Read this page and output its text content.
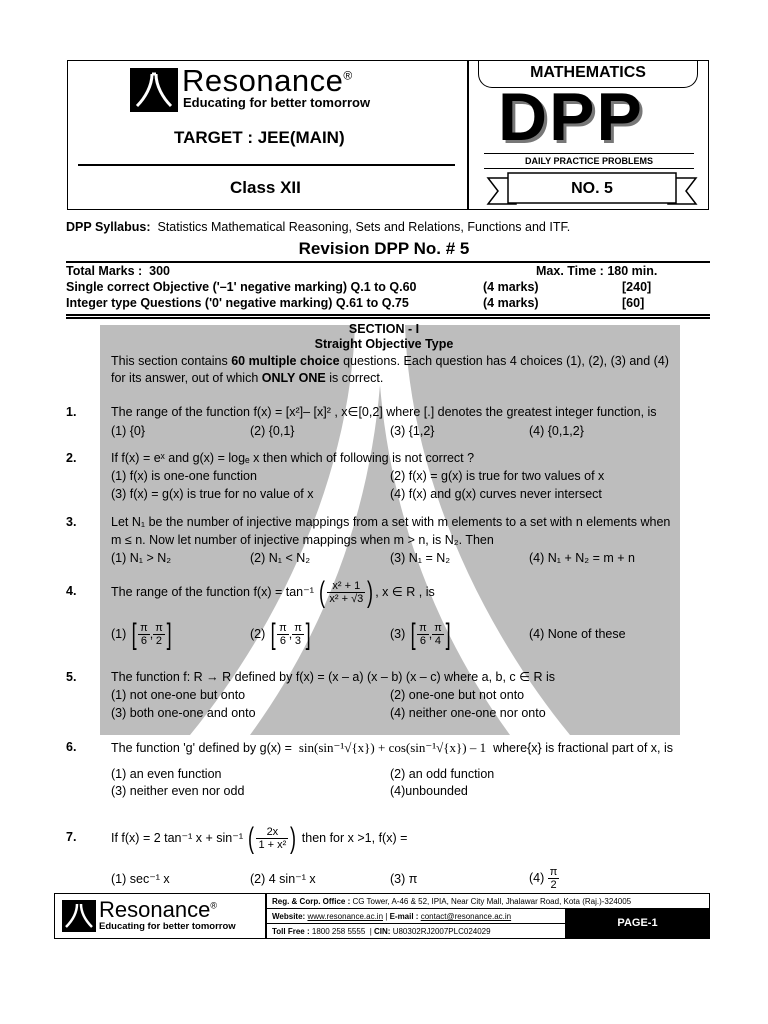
Resonance®
Educating for better tomorrow
TARGET : JEE(MAIN)
Class XII
MATHEMATICS
DPP
DAILY PRACTICE PROBLEMS
NO. 5
DPP Syllabus: Statistics Mathematical Reasoning, Sets and Relations, Functions and ITF.
Revision DPP No. # 5
Total Marks : 300	Max. Time : 180 min.
Single correct Objective ('–1' negative marking) Q.1 to Q.60	(4 marks)	[240]
Integer type Questions ('0' negative marking) Q.61 to Q.75	(4 marks)	[60]
SECTION - I
Straight Objective Type
This section contains 60 multiple choice questions. Each question has 4 choices (1), (2), (3) and (4)
for its answer, out of which ONLY ONE is correct.
1.	The range of the function f(x) = [x²]– [x]² , x∈[0,2] where [.] denotes the greatest integer function, is
(1) {0}	(2) {0,1}	(3) {1,2}	(4) {0,1,2}
2.	If f(x) = eˣ and g(x) = logₑ x then which of following is not correct ?
(1) f(x) is one-one function	(2) f(x) = g(x) is true for two values of x
(3) f(x) = g(x) is true for no value of x	(4) f(x) and g(x) curves never intersect
3.	Let N₁ be the number of injective mappings from a set with m elements to a set with n elements when
m ≤ n. Now let number of injective mappings when m > n, is N₂. Then
(1) N₁ > N₂	(2) N₁ < N₂	(3) N₁ = N₂	(4) N₁ + N₂ = m + n
4.	The range of the function f(x) = tan⁻¹ ( $\frac{\text{x² + 1}}{\text{x² + √3}}$ ) , x ∈ R , is
(1) [ $\frac{\pi}{6}$ , $\frac{\pi}{2}$ ]	(2) [ $\frac{\pi}{6}$ , $\frac{\pi}{3}$ ]	(3) [ $\frac{\pi}{6}$ , $\frac{\pi}{4}$ ]	(4) None of these
5.	The function f: R → R defined by f(x) = (x – a) (x – b) (x – c) where a, b, c ∈ R is
(1) not one-one but onto	(2) one-one but not onto
(3) both one-one and onto	(4) neither one-one nor onto
6.	The function 'g' defined by g(x) = sin(sin⁻¹√{x}) + cos(sin⁻¹√{x}) – 1 where{x} is fractional part of x, is
(1) an even function	(2) an odd function
(3) neither even nor odd	(4)unbounded
7.	If f(x) = 2 tan⁻¹ x + sin⁻¹ ( $\frac{2x}{\text{1 + x²}}$ ) then for x >1, f(x) =
(1) sec⁻¹ x	(2) 4 sin⁻¹ x	(3) π	$(4) \frac{\pi}{2}$
Resonance®
Educating for better tomorrow
Reg. & Corp. Office : CG Tower, A-46 & 52, IPIA, Near City Mall, Jhalawar Road, Kota (Raj.)-324005
Website: www.resonance.ac.in | E-mail : contact@resonance.ac.in
Toll Free : 1800 258 5555  | CIN: U80302RJ2007PLC024029
PAGE-1
